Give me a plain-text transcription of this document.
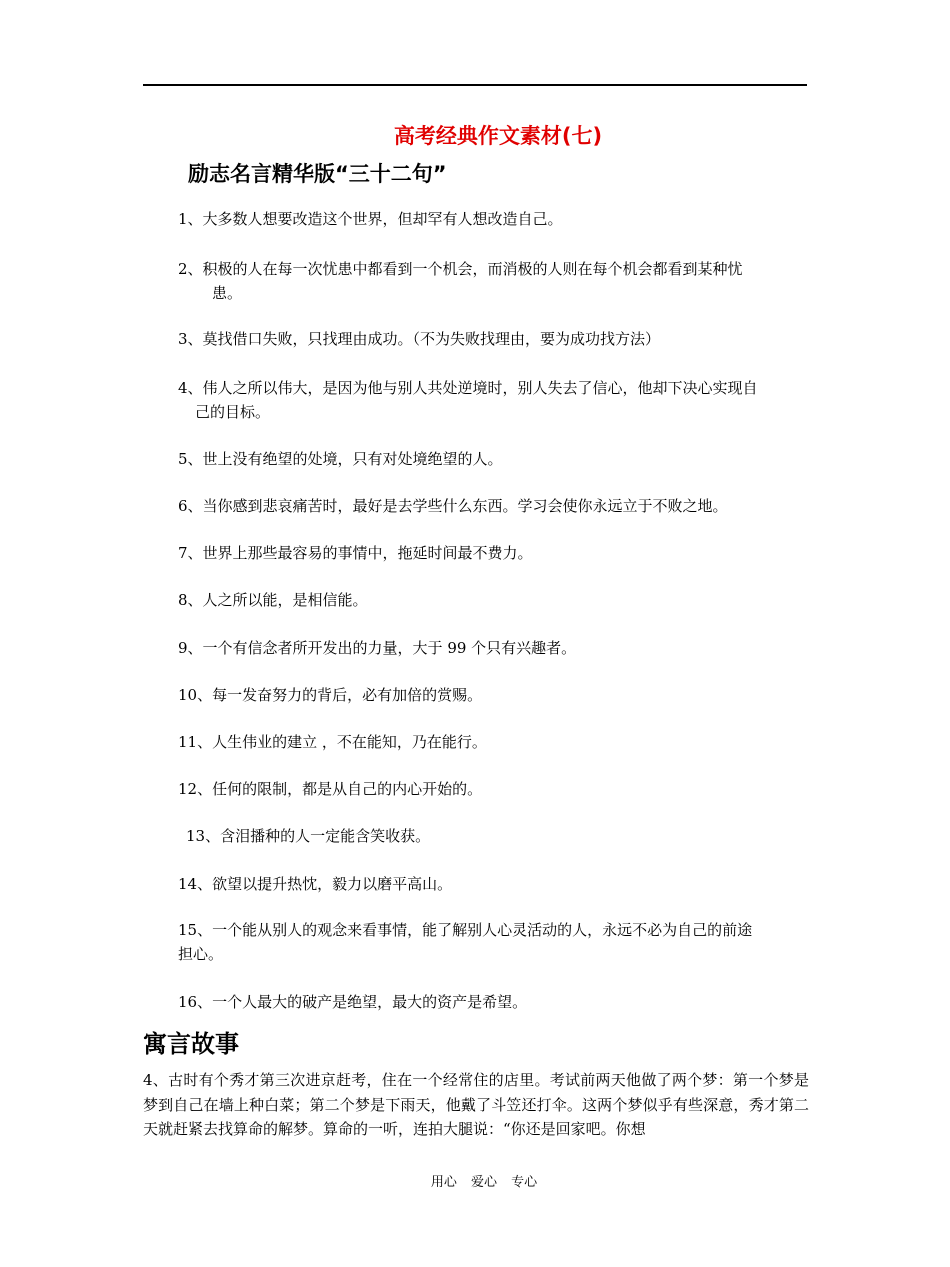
高考经典作文素材(七)
励志名言精华版“三十二句”
1、大多数人想要改造这个世界，但却罕有人想改造自己。
2、积极的人在每一次忧患中都看到一个机会，而消极的人则在每个机会都看到某种忧
患。
3、莫找借口失败，只找理由成功。（不为失败找理由，要为成功找方法）
4、伟人之所以伟大，是因为他与别人共处逆境时，别人失去了信心，他却下决心实现自
己的目标。
5、世上没有绝望的处境，只有对处境绝望的人。
6、当你感到悲哀痛苦时，最好是去学些什么东西。学习会使你永远立于不败之地。
7、世界上那些最容易的事情中，拖延时间最不费力。
8、人之所以能，是相信能。
9、一个有信念者所开发出的力量，大于 99 个只有兴趣者。
10、每一发奋努力的背后，必有加倍的赏赐。
11、人生伟业的建立 ，不在能知，乃在能行。
12、任何的限制，都是从自己的内心开始的。
13、含泪播种的人一定能含笑收获。
14、欲望以提升热忱，毅力以磨平高山。
15、一个能从别人的观念来看事情，能了解别人心灵活动的人，永远不必为自己的前途
担心。
16、一个人最大的破产是绝望，最大的资产是希望。
寓言故事
4、古时有个秀才第三次进京赶考，住在一个经常住的店里。考试前两天他做了两个梦：第一个梦是梦到自己在墙上种白菜；第二个梦是下雨天，他戴了斗笠还打伞。这两个梦似乎有些深意，秀才第二天就赶紧去找算命的解梦。算命的一听，连拍大腿说：“你还是回家吧。你想
用心 爱心 专心
